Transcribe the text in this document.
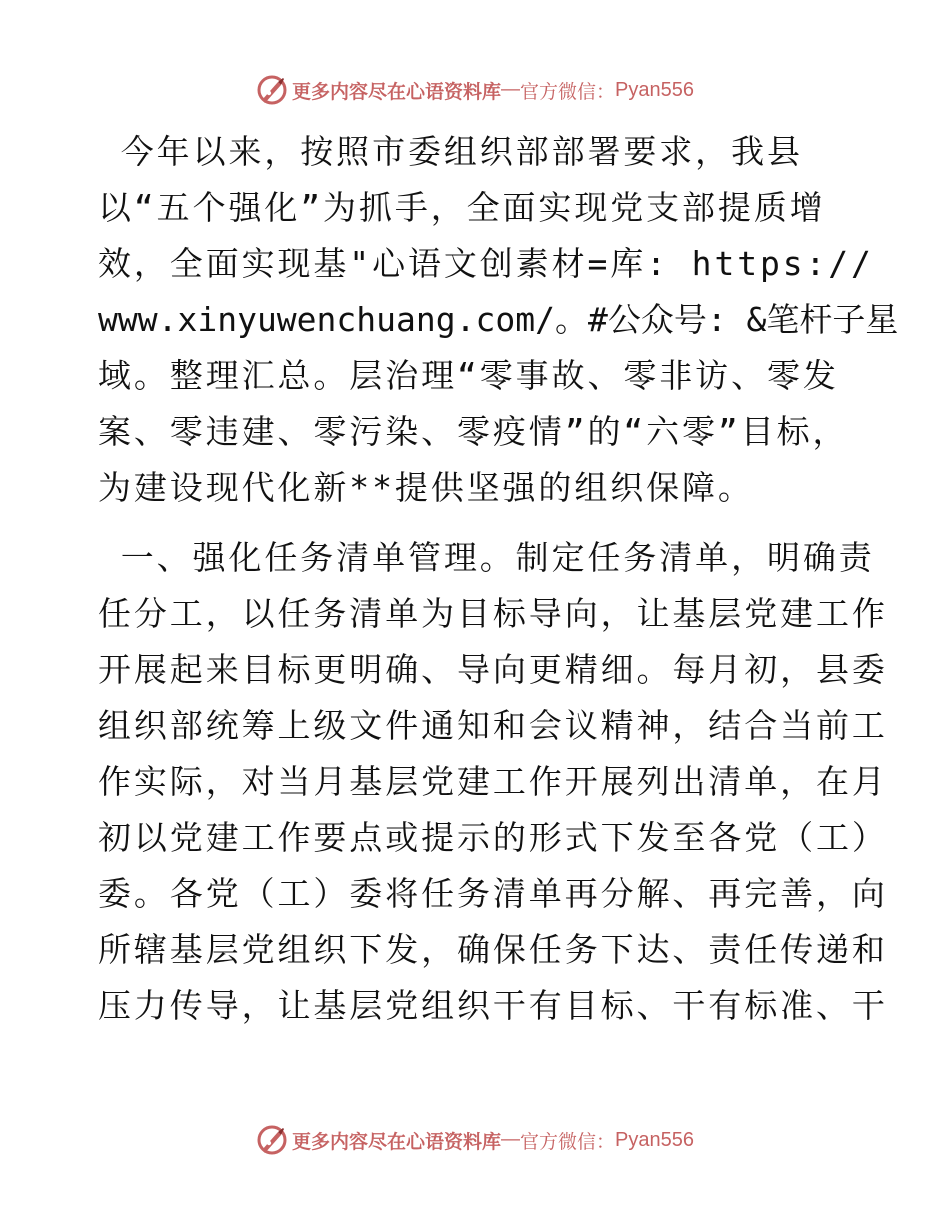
更多内容尽在心语资料库 — 官方微信 ： Pyan556
今年以来，按照市委组织部部署要求，我县
以“五个强化”为抓手，全面实现党支部提质增
效，全面实现基"心语文创素材=库: https://
www.xinyuwenchuang.com/。#公众号: &笔杆子星
域。整理汇总。层治理“零事故、零非访、零发
案、零违建、零污染、零疫情”的“六零”目标，
为建设现代化新**提供坚强的组织保障。
一、强化任务清单管理。制定任务清单，明确责
任分工，以任务清单为目标导向，让基层党建工作
开展起来目标更明确、导向更精细。每月初，县委
组织部统筹上级文件通知和会议精神，结合当前工
作实际，对当月基层党建工作开展列出清单，在月
初以党建工作要点或提示的形式下发至各党（工）
委。各党（工）委将任务清单再分解、再完善，向
所辖基层党组织下发，确保任务下达、责任传递和
压力传导，让基层党组织干有目标、干有标准、干
更多内容尽在心语资料库 — 官方微信 ： Pyan556
